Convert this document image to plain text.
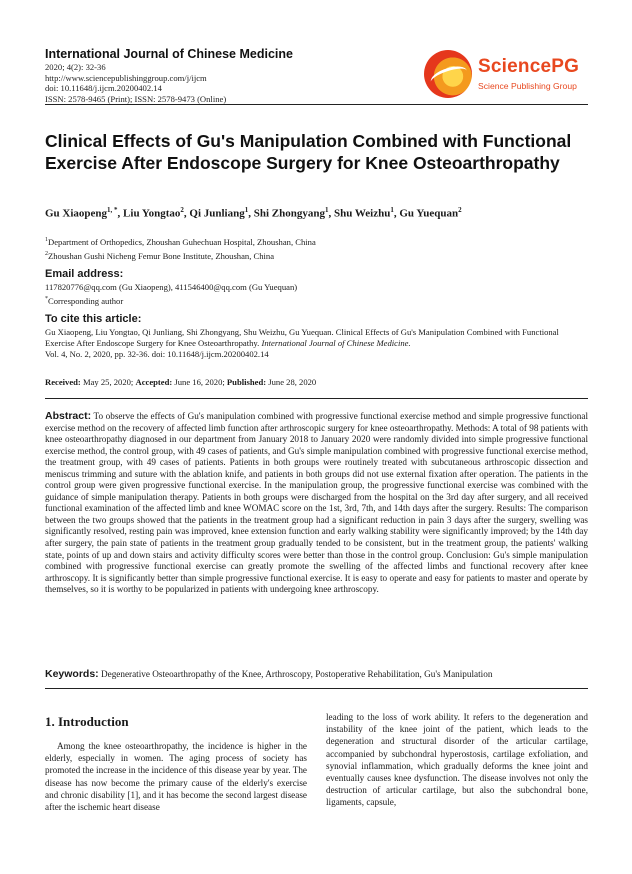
International Journal of Chinese Medicine
2020; 4(2): 32-36
http://www.sciencepublishinggroup.com/j/ijcm
doi: 10.11648/j.ijcm.20200402.14
ISSN: 2578-9465 (Print); ISSN: 2578-9473 (Online)
SciencePG
Science Publishing Group
Clinical Effects of Gu's Manipulation Combined with Functional Exercise After Endoscope Surgery for Knee Osteoarthropathy
Gu Xiaopeng$^{1, *}$, Liu Yongtao$^2$, Qi Junliang$^1$, Shi Zhongyang$^1$, Shu Weizhu$^1$, Gu Yuequan$^2$
$^1$Department of Orthopedics, Zhoushan Guhechuan Hospital, Zhoushan, China
$^2$Zhoushan Gushi Nicheng Femur Bone Institute, Zhoushan, China
Email address:
117820776@qq.com (Gu Xiaopeng), 411546400@qq.com (Gu Yuequan)
*Corresponding author
To cite this article:
Gu Xiaopeng, Liu Yongtao, Qi Junliang, Shi Zhongyang, Shu Weizhu, Gu Yuequan. Clinical Effects of Gu's Manipulation Combined with Functional Exercise After Endoscope Surgery for Knee Osteoarthropathy. International Journal of Chinese Medicine.
Vol. 4, No. 2, 2020, pp. 32-36. doi: 10.11648/j.ijcm.20200402.14
Received: May 25, 2020; Accepted: June 16, 2020; Published: June 28, 2020
Abstract: To observe the effects of Gu's manipulation combined with progressive functional exercise method and simple progressive functional exercise method on the recovery of affected limb function after arthroscopic surgery for knee osteoarthropathy. Methods: A total of 98 patients with knee osteoarthropathy diagnosed in our department from January 2018 to January 2020 were randomly divided into simple progressive functional exercise method, the control group, with 49 cases of patients, and Gu's simple manipulation combined with progressive functional exercise method, the treatment group, with 49 cases of patients. Patients in both groups were routinely treated with subcutaneous arthroscopic dissection and meniscus trimming and suture with the ablation knife, and patients in both groups did not use external fixation after operation. The patients in the control group were given progressive functional exercise. In the manipulation group, the progressive functional exercise was combined with the guidance of simple manipulation therapy. Patients in both groups were discharged from the hospital on the 3rd day after surgery, and all received functional examination of the affected limb and knee WOMAC score on the 1st, 3rd, 7th, and 14th days after the surgery. Results: The comparison between the two groups showed that the patients in the treatment group had a significant reduction in pain 3 days after the surgery, swelling was significantly resolved, resting pain was improved, knee extension function and early walking stability were significantly improved; by the 14th day after surgery, the pain state of patients in the treatment group gradually tended to be consistent, but in the treatment group, the patients' walking state, points of up and down stairs and activity difficulty scores were better than those in the control group. Conclusion: Gu's simple manipulation combined with progressive functional exercise can greatly promote the swelling of the affected limbs and functional recovery after knee arthroscopy. It is significantly better than simple progressive functional exercise. It is easy to operate and easy for patients to master and operate by themselves, so it is worthy to be popularized in patients with undergoing knee arthroscopy.
Keywords: Degenerative Osteoarthropathy of the Knee, Arthroscopy, Postoperative Rehabilitation, Gu's Manipulation
1. Introduction
Among the knee osteoarthropathy, the incidence is higher in the elderly, especially in women. The aging process of society has promoted the increase in the incidence of this disease year by year. The disease has now become the primary cause of the elderly's exercise and chronic disability [1], and it has become the second largest disease after the ischemic heart disease
leading to the loss of work ability. It refers to the degeneration and instability of the knee joint of the patient, which leads to the degeneration and structural disorder of the articular cartilage, accompanied by subchondral hyperostosis, cartilage exfoliation, and synovial inflammation, which gradually deforms the knee joint and eventually causes knee dysfunction. The disease involves not only the destruction of articular cartilage, but also the subchondral bone, ligaments, capsule,
